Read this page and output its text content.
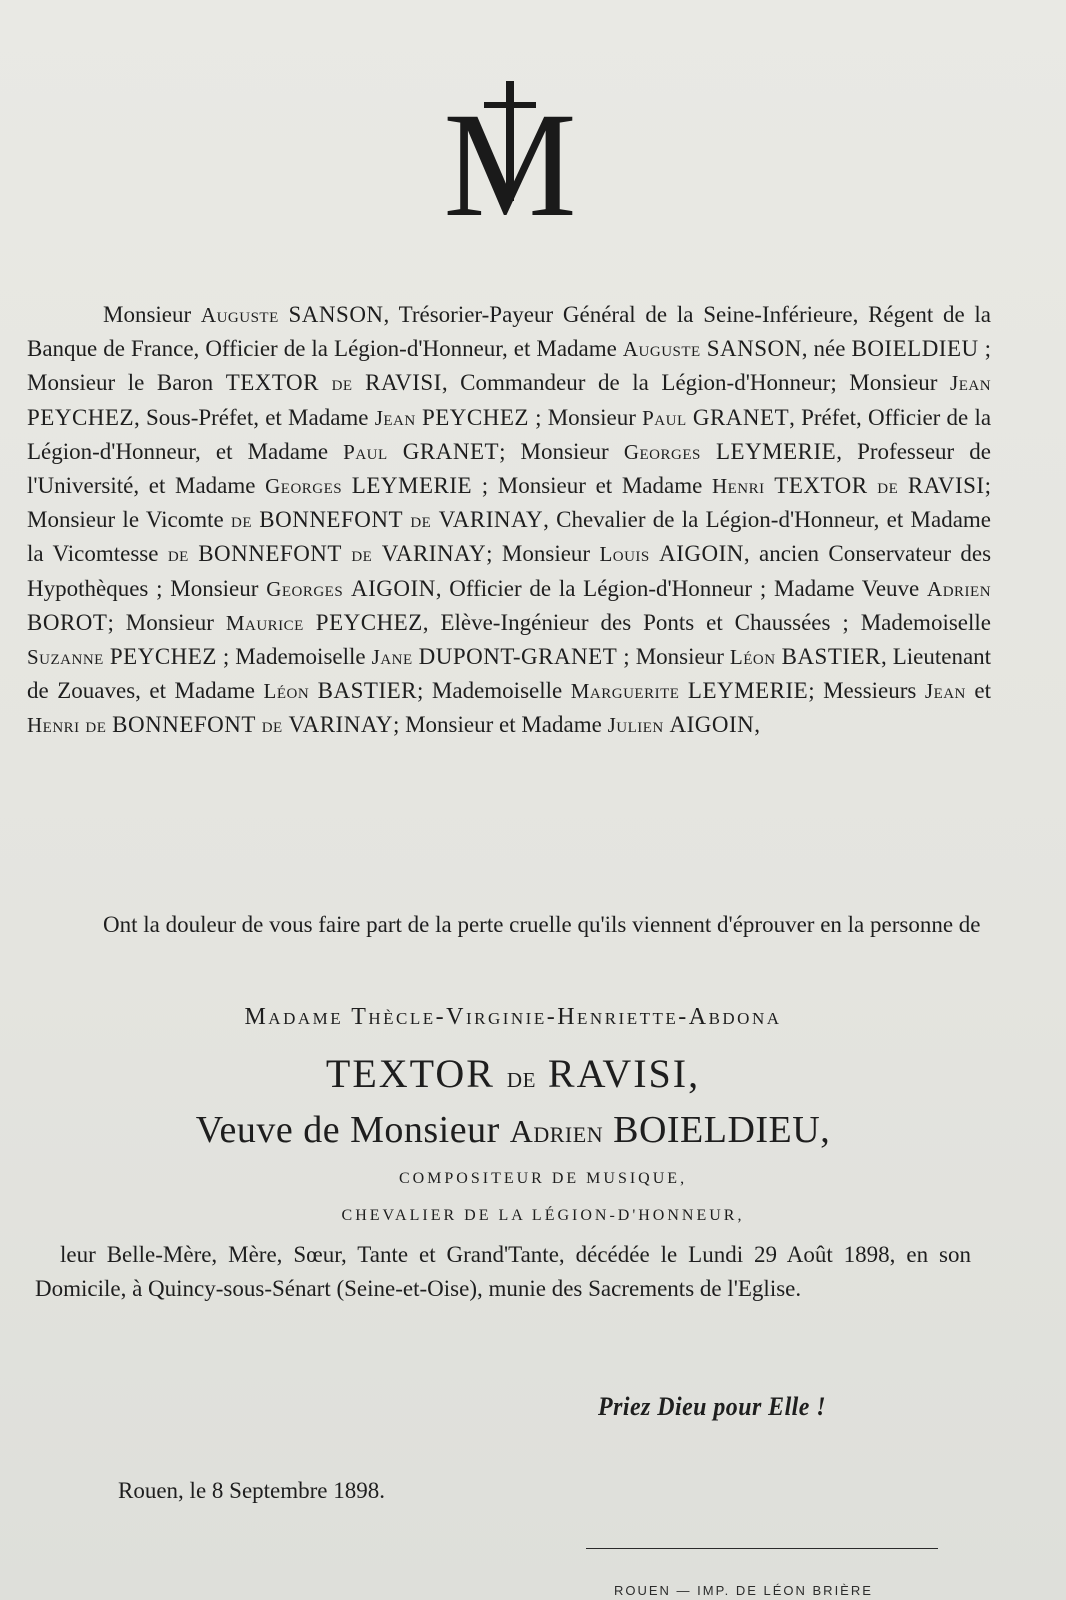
M
Monsieur Auguste SANSON, Trésorier-Payeur Général de la Seine-Inférieure, Régent de la Banque de France, Officier de la Légion-d'Honneur, et Madame Auguste SANSON, née BOIELDIEU ; Monsieur le Baron TEXTOR de RAVISI, Commandeur de la Légion-d'Honneur; Monsieur Jean PEYCHEZ, Sous-Préfet, et Madame Jean PEYCHEZ ; Monsieur Paul GRANET, Préfet, Officier de la Légion-d'Honneur, et Madame Paul GRANET; Monsieur Georges LEYMERIE, Professeur de l'Université, et Madame Georges LEYMERIE ; Monsieur et Madame Henri TEXTOR de RAVISI; Monsieur le Vicomte de BONNEFONT de VARINAY, Chevalier de la Légion-d'Honneur, et Madame la Vicomtesse de BONNEFONT de VARINAY; Monsieur Louis AIGOIN, ancien Conservateur des Hypothèques ; Monsieur Georges AIGOIN, Officier de la Légion-d'Honneur ; Madame Veuve Adrien BOROT; Monsieur Maurice PEYCHEZ, Elève-Ingénieur des Ponts et Chaussées ; Mademoiselle Suzanne PEYCHEZ ; Mademoiselle Jane DUPONT-GRANET ; Monsieur Léon BASTIER, Lieutenant de Zouaves, et Madame Léon BASTIER; Mademoiselle Marguerite LEYMERIE; Messieurs Jean et Henri de BONNEFONT de VARINAY; Monsieur et Madame Julien AIGOIN,
Ont la douleur de vous faire part de la perte cruelle qu'ils viennent d'éprouver en la personne de
Madame Thècle-Virginie-Henriette-Abdona
TEXTOR de RAVISI,
Veuve de Monsieur Adrien BOIELDIEU,
COMPOSITEUR DE MUSIQUE,
CHEVALIER DE LA LÉGION-D'HONNEUR,
leur Belle-Mère, Mère, Sœur, Tante et Grand'Tante, décédée le Lundi 29 Août 1898, en son Domicile, à Quincy-sous-Sénart (Seine-et-Oise), munie des Sacrements de l'Eglise.
Priez Dieu pour Elle !
Rouen, le 8 Septembre 1898.
ROUEN — IMP. DE LÉON BRIÈRE
